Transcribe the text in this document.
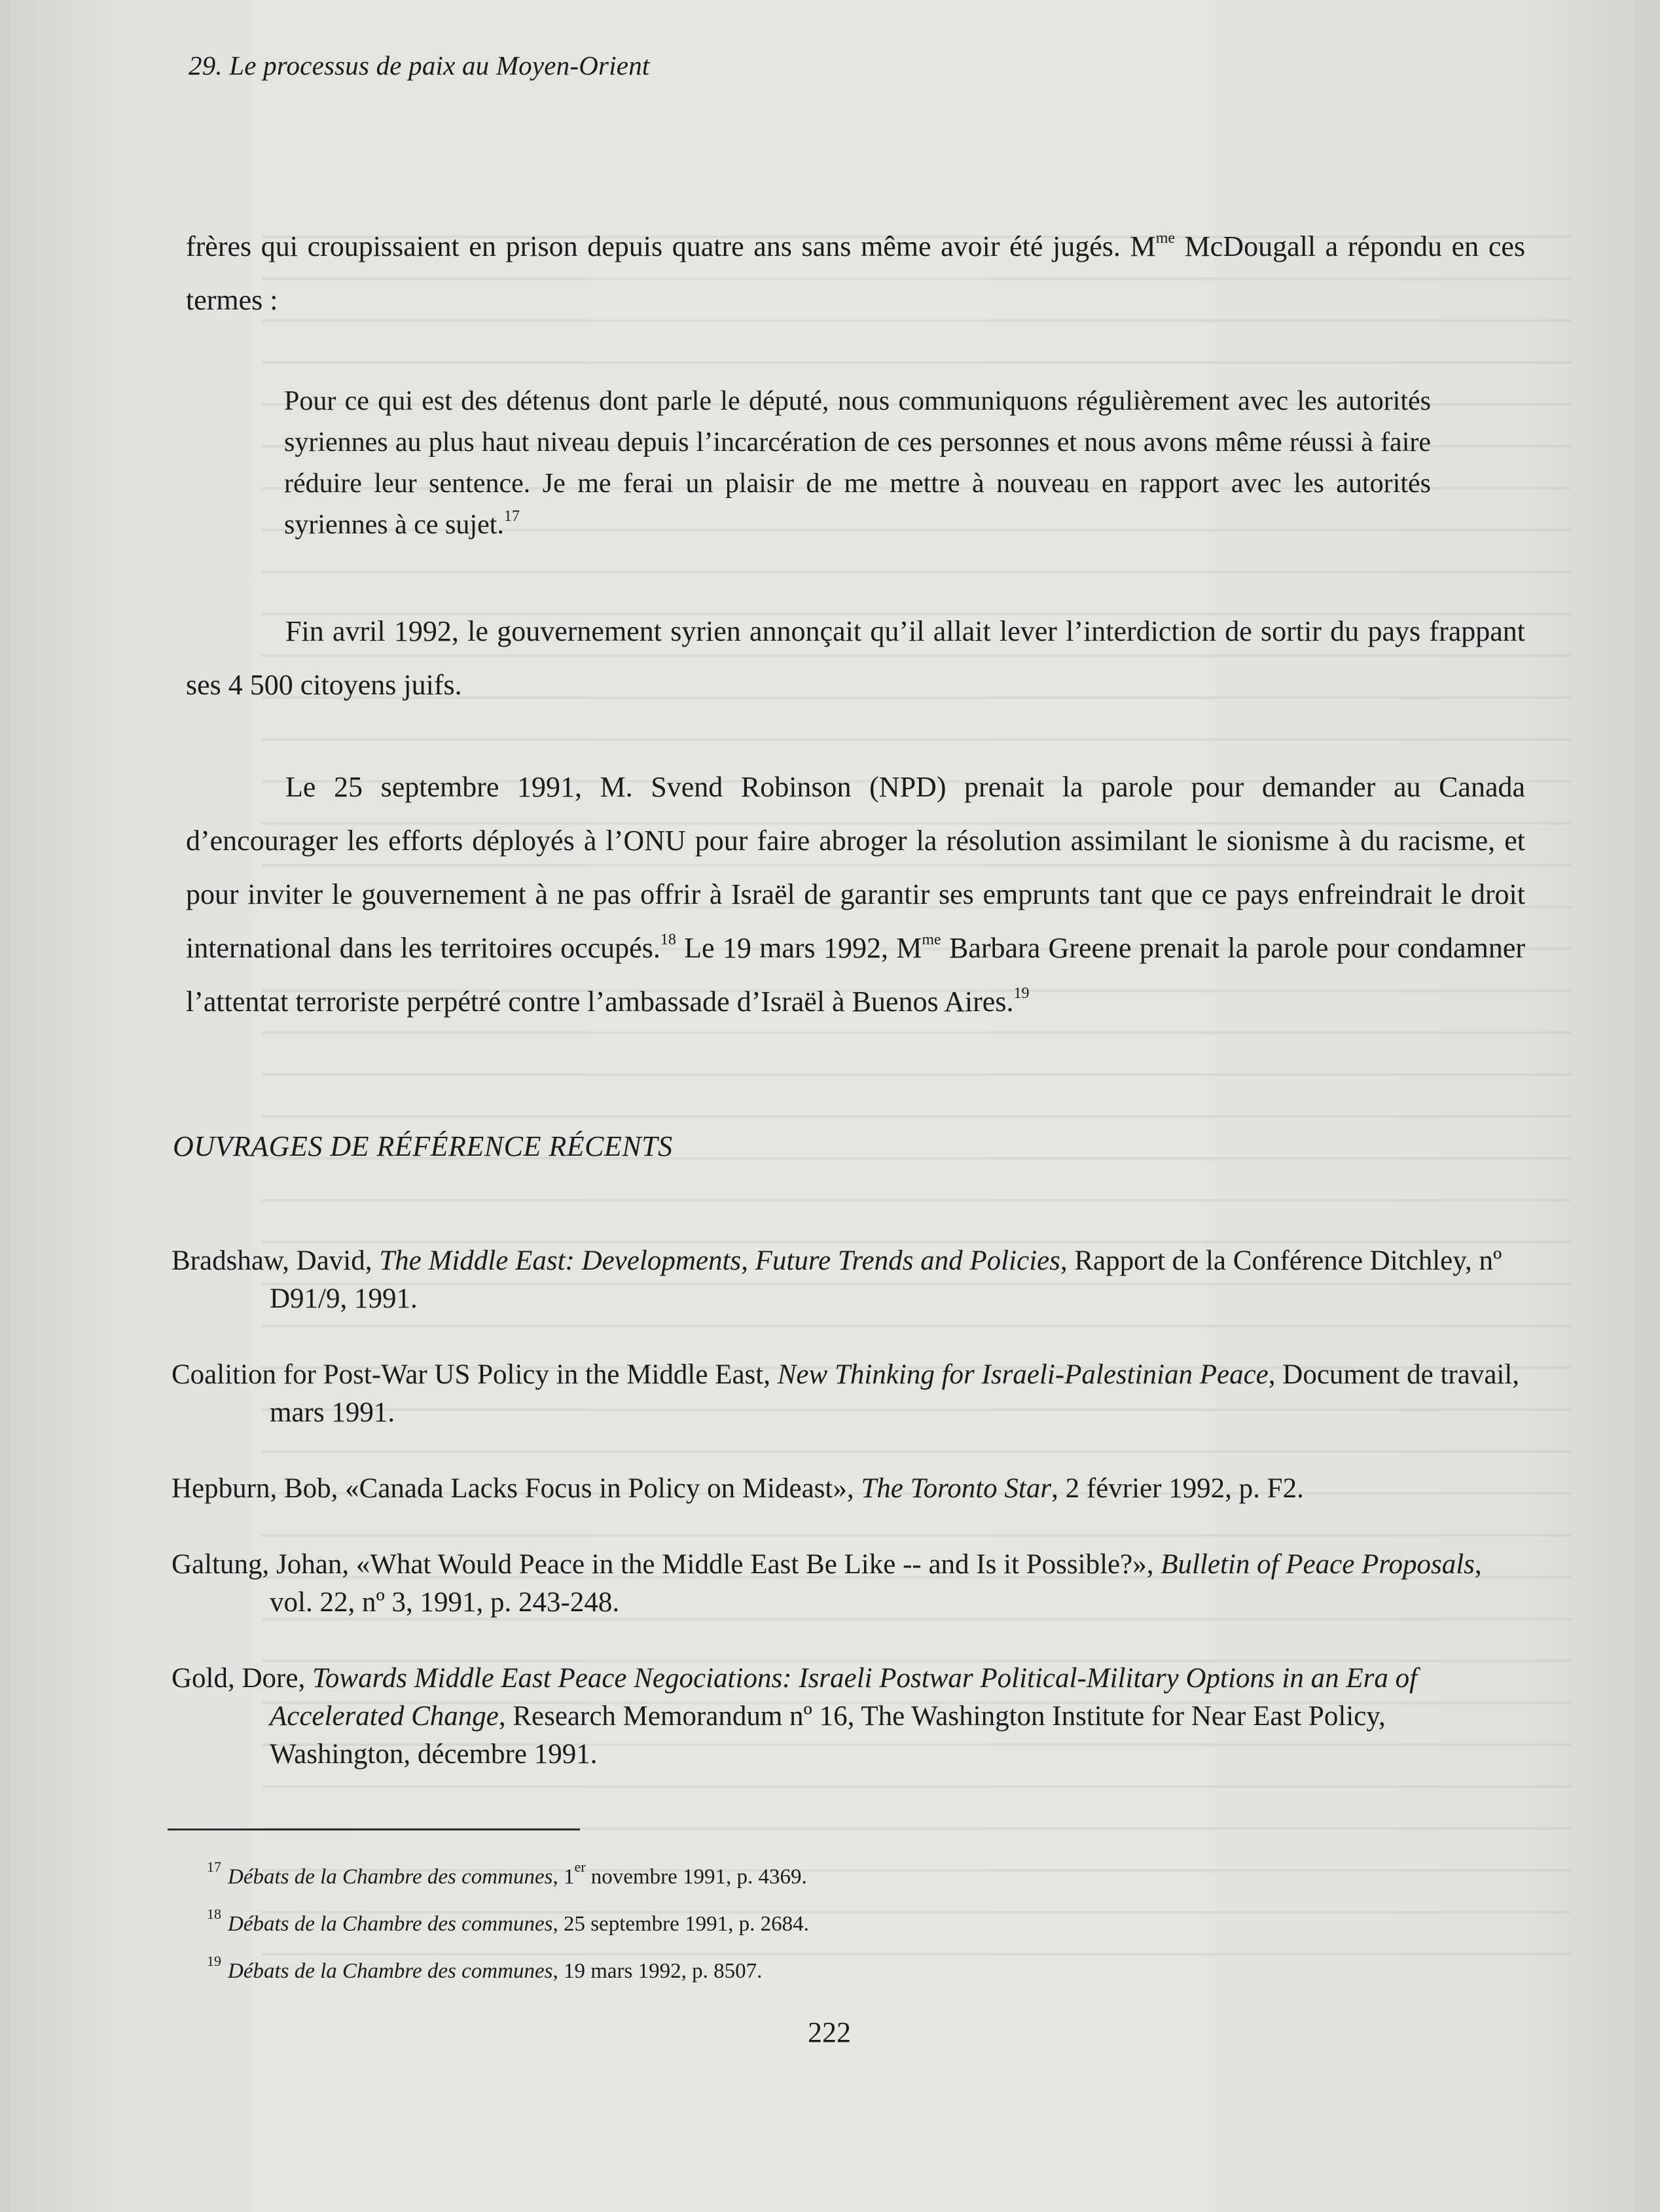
29. Le processus de paix au Moyen-Orient
frères qui croupissaient en prison depuis quatre ans sans même avoir été jugés. $M^{me}$ McDougall a répondu en ces termes :
Pour ce qui est des détenus dont parle le député, nous communiquons régulièrement avec les autorités syriennes au plus haut niveau depuis l’incarcération de ces personnes et nous avons même réussi à faire réduire leur sentence. Je me ferai un plaisir de me mettre à nouveau en rapport avec les autorités syriennes à ce sujet.$^{17}$
Fin avril 1992, le gouvernement syrien annonçait qu’il allait lever l’interdiction de sortir du pays frappant ses 4 500 citoyens juifs.
Le 25 septembre 1991, M. Svend Robinson (NPD) prenait la parole pour demander au Canada d’encourager les efforts déployés à l’ONU pour faire abroger la résolution assimilant le sionisme à du racisme, et pour inviter le gouvernement à ne pas offrir à Israël de garantir ses emprunts tant que ce pays enfreindrait le droit international dans les territoires occupés.$^{18}$ Le 19 mars 1992, $M^{me}$ Barbara Greene prenait la parole pour condamner l’attentat terroriste perpétré contre l’ambassade d’Israël à Buenos Aires.$^{19}$
OUVRAGES DE RÉFÉRENCE RÉCENTS
Bradshaw, David, The Middle East: Developments, Future Trends and Policies, Rapport de la Conférence Ditchley, nº D91/9, 1991.
Coalition for Post-War US Policy in the Middle East, New Thinking for Israeli-Palestinian Peace, Document de travail, mars 1991.
Hepburn, Bob, «Canada Lacks Focus in Policy on Mideast», The Toronto Star, 2 février 1992, p. F2.
Galtung, Johan, «What Would Peace in the Middle East Be Like -- and Is it Possible?», Bulletin of Peace Proposals, vol. 22, nº 3, 1991, p. 243-248.
Gold, Dore, Towards Middle East Peace Negociations: Israeli Postwar Political-Military Options in an Era of Accelerated Change, Research Memorandum nº 16, The Washington Institute for Near East Policy, Washington, décembre 1991.
$^{17}$ Débats de la Chambre des communes, 1er novembre 1991, p. 4369.
$^{18}$ Débats de la Chambre des communes, 25 septembre 1991, p. 2684.
$^{19}$ Débats de la Chambre des communes, 19 mars 1992, p. 8507.
222
